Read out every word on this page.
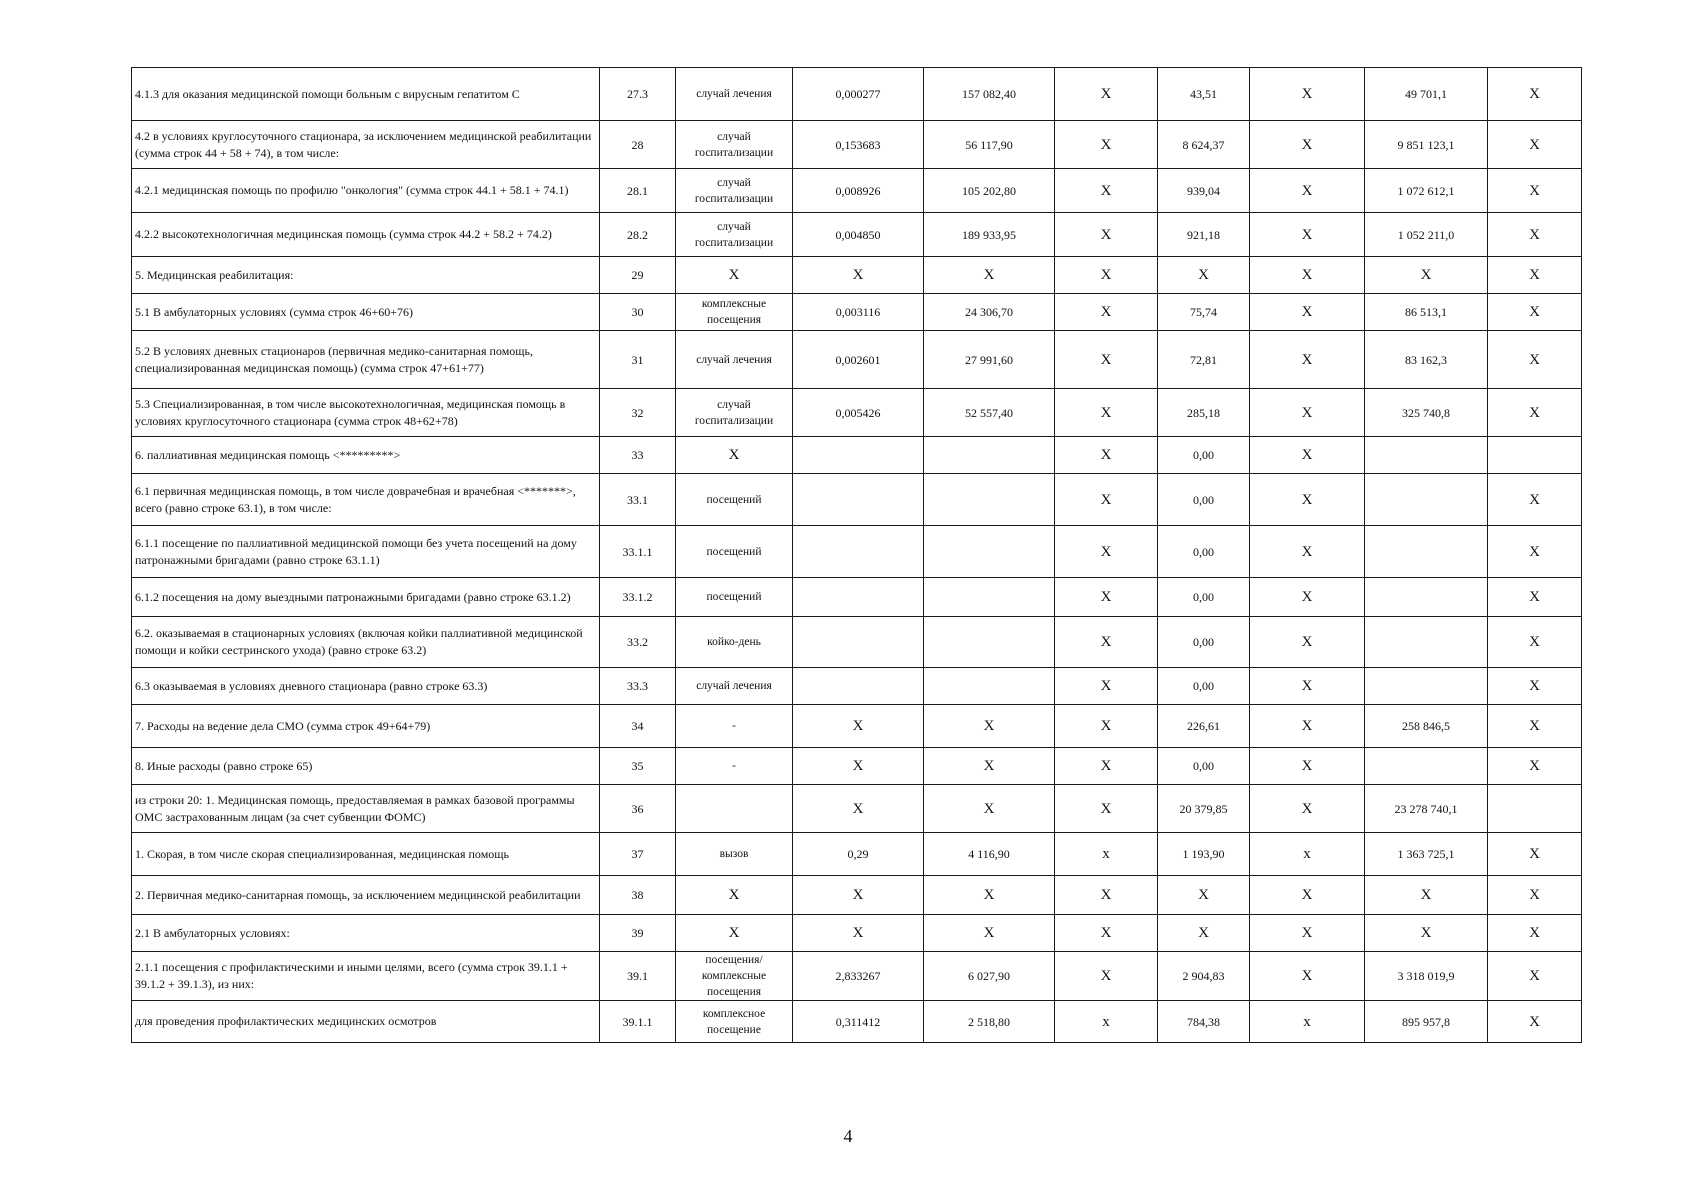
4.1.3 для оказания медицинской помощи больным с вирусным гепатитом С	27.3	случай лечения	0,000277	157 082,40	X	43,51	X	49 701,1	X
4.2 в условиях круглосуточного стационара, за исключением медицинской реабилитации (сумма строк 44 + 58 + 74), в том числе:	28	случай госпитализации	0,153683	56 117,90	X	8 624,37	X	9 851 123,1	X
4.2.1 медицинская помощь по профилю "онкология" (сумма строк 44.1 + 58.1 + 74.1)	28.1	случай госпитализации	0,008926	105 202,80	X	939,04	X	1 072 612,1	X
4.2.2 высокотехнологичная медицинская помощь (сумма строк 44.2 + 58.2 + 74.2)	28.2	случай госпитализации	0,004850	189 933,95	X	921,18	X	1 052 211,0	X
5. Медицинская реабилитация:	29	X	X	X	X	X	X	X	X
5.1 В амбулаторных условиях (сумма строк 46+60+76)	30	комплексные посещения	0,003116	24 306,70	X	75,74	X	86 513,1	X
5.2 В условиях дневных стационаров (первичная медико-санитарная помощь, специализированная медицинская помощь) (сумма строк 47+61+77)	31	случай лечения	0,002601	27 991,60	X	72,81	X	83 162,3	X
5.3 Специализированная, в том числе высокотехнологичная, медицинская помощь в условиях круглосуточного стационара (сумма строк 48+62+78)	32	случай госпитализации	0,005426	52 557,40	X	285,18	X	325 740,8	X
6. паллиативная медицинская помощь <*********>	33	X			X	0,00	X		
6.1 первичная медицинская помощь, в том числе доврачебная и врачебная <*******>, всего (равно строке 63.1), в том числе:	33.1	посещений			X	0,00	X		X
6.1.1 посещение по паллиативной медицинской помощи без учета посещений на дому патронажными бригадами (равно строке 63.1.1)	33.1.1	посещений			X	0,00	X		X
6.1.2 посещения на дому выездными патронажными бригадами (равно строке 63.1.2)	33.1.2	посещений			X	0,00	X		X
6.2. оказываемая в стационарных условиях (включая койки паллиативной медицинской помощи и койки сестринского ухода) (равно строке 63.2)	33.2	койко-день			X	0,00	X		X
6.3 оказываемая в условиях дневного стационара (равно строке 63.3)	33.3	случай лечения			X	0,00	X		X
7. Расходы на ведение дела СМО (сумма строк 49+64+79)	34	-	X	X	X	226,61	X	258 846,5	X
8. Иные расходы (равно строке 65)	35	-	X	X	X	0,00	X		X
из строки 20: 1. Медицинская помощь, предоставляемая в рамках базовой программы ОМС застрахованным лицам (за счет субвенции ФОМС)	36		X	X	X	20 379,85	X	23 278 740,1	
1. Скорая, в том числе скорая специализированная, медицинская помощь	37	вызов	0,29	4 116,90	x	1 193,90	x	1 363 725,1	X
2. Первичная медико-санитарная помощь, за исключением медицинской реабилитации	38	X	X	X	X	X	X	X	X
2.1 В амбулаторных условиях:	39	X	X	X	X	X	X	X	X
2.1.1 посещения с профилактическими и иными целями, всего (сумма строк 39.1.1 + 39.1.2 + 39.1.3), из них:	39.1	посещения/комплексные посещения	2,833267	6 027,90	X	2 904,83	X	3 318 019,9	X
для проведения профилактических медицинских осмотров	39.1.1	комплексное посещение	0,311412	2 518,80	x	784,38	x	895 957,8	X
4
